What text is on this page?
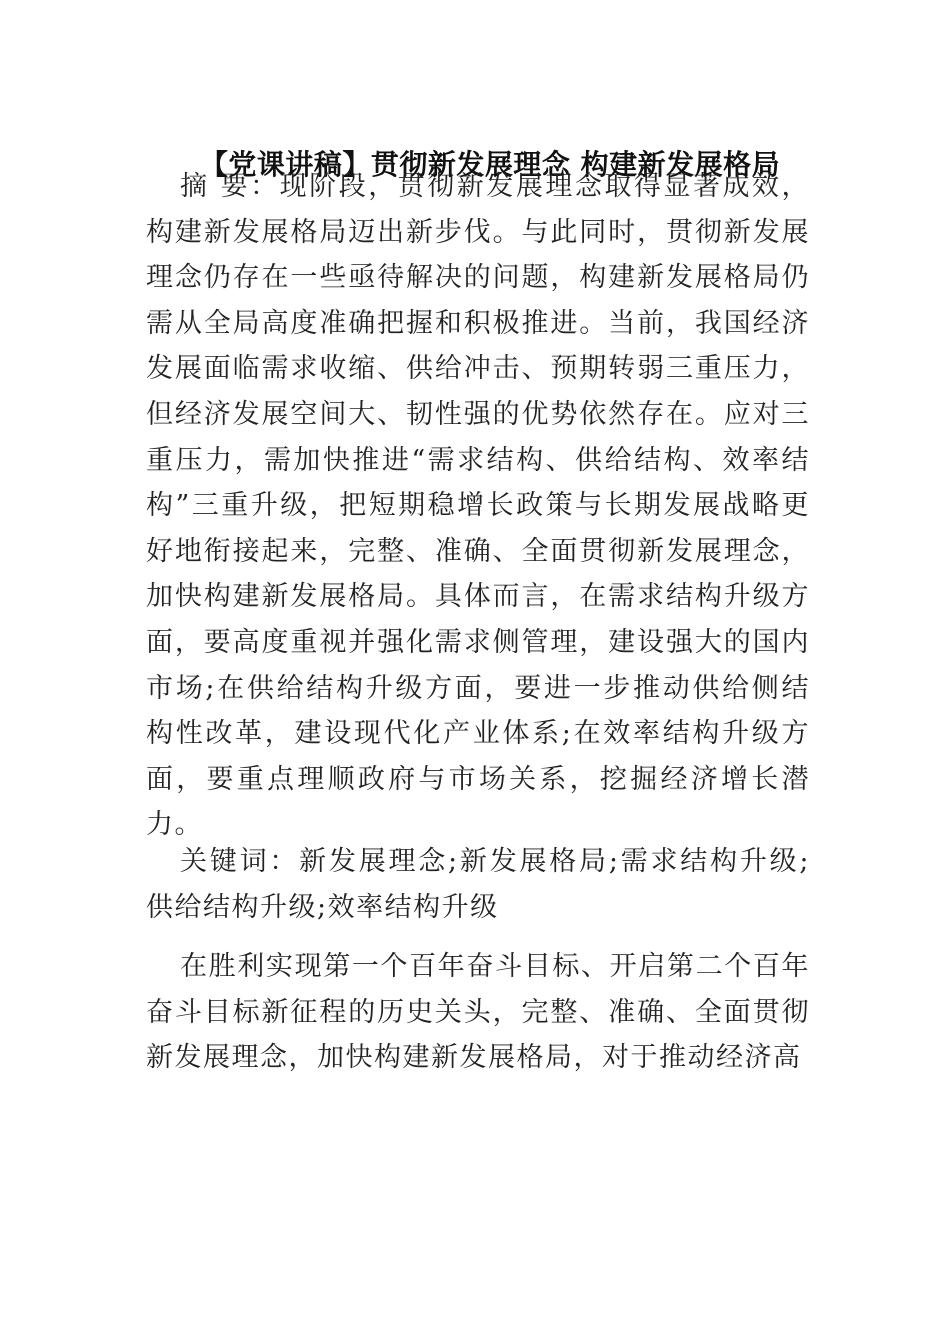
【党课讲稿】贯彻新发展理念 构建新发展格局

摘 要：现阶段，贯彻新发展理念取得显著成效，构建新发展格局迈出新步伐。与此同时，贯彻新发展理念仍存在一些亟待解决的问题，构建新发展格局仍需从全局高度准确把握和积极推进。当前，我国经济发展面临需求收缩、供给冲击、预期转弱三重压力，但经济发展空间大、韧性强的优势依然存在。应对三重压力，需加快推进“需求结构、供给结构、效率结构”三重升级，把短期稳增长政策与长期发展战略更好地衔接起来，完整、准确、全面贯彻新发展理念，加快构建新发展格局。具体而言，在需求结构升级方面，要高度重视并强化需求侧管理，建设强大的国内市场;在供给结构升级方面，要进一步推动供给侧结构性改革，建设现代化产业体系;在效率结构升级方面，要重点理顺政府与市场关系，挖掘经济增长潜力。

关键词：新发展理念;新发展格局;需求结构升级;供给结构升级;效率结构升级

在胜利实现第一个百年奋斗目标、开启第二个百年奋斗目标新征程的历史关头，完整、准确、全面贯彻新发展理念，加快构建新发展格局，对于推动经济高
